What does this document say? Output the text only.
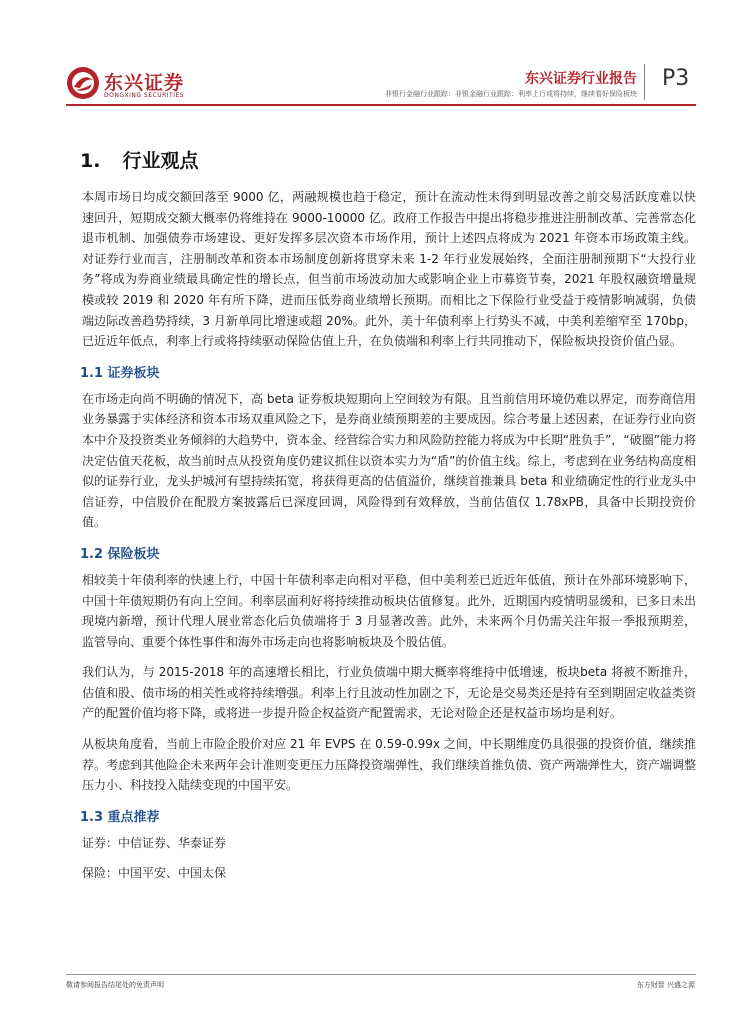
东兴证券
DONGXING SECURITIES
东兴证券行业报告
非银行金融行业跟踪：非银金融行业跟踪：利率上行或将持续，继续看好保险板块
P3
1. 行业观点

本周市场日均成交额回落至 9000 亿，两融规模也趋于稳定，预计在流动性未得到明显改善之前交易活跃度难以快速回升，短期成交额大概率仍将维持在 9000-10000 亿。政府工作报告中提出将稳步推进注册制改革、完善常态化退市机制、加强债券市场建设、更好发挥多层次资本市场作用，预计上述四点将成为 2021 年资本市场政策主线。对证券行业而言，注册制改革和资本市场制度创新将贯穿未来 1-2 年行业发展始终，全面注册制预期下“大投行业务”将成为券商业绩最具确定性的增长点，但当前市场波动加大或影响企业上市募资节奏，2021 年股权融资增量规模或较 2019 和 2020 年有所下降，进而压低券商业绩增长预期。而相比之下保险行业受益于疫情影响减弱，负债端边际改善趋势持续，3 月新单同比增速或超 20%。此外，美十年债利率上行势头不减，中美利差缩窄至 170bp，已近近年低点，利率上行或将持续驱动保险估值上升，在负债端和利率上行共同推动下，保险板块投资价值凸显。

1.1 证券板块

在市场走向尚不明确的情况下，高 beta 证券板块短期向上空间较为有限。且当前信用环境仍难以界定，而券商信用业务暴露于实体经济和资本市场双重风险之下，是券商业绩预期差的主要成因。综合考量上述因素，在证券行业向资本中介及投资类业务倾斜的大趋势中，资本金、经营综合实力和风险防控能力将成为中长期“胜负手”，“破圈”能力将决定估值天花板，故当前时点从投资角度仍建议抓住以资本实力为“盾”的价值主线。综上，考虑到在业务结构高度相似的证券行业，龙头护城河有望持续拓宽，将获得更高的估值溢价，继续首推兼具 beta 和业绩确定性的行业龙头中信证券，中信股价在配股方案披露后已深度回调，风险得到有效释放，当前估值仅 1.78xPB，具备中长期投资价值。

1.2 保险板块

相较美十年债利率的快速上行，中国十年债利率走向相对平稳，但中美利差已近近年低值，预计在外部环境影响下，中国十年债短期仍有向上空间。利率层面利好将持续推动板块估值修复。此外，近期国内疫情明显缓和，已多日未出现境内新增，预计代理人展业常态化后负债端将于 3 月显著改善。此外，未来两个月仍需关注年报一季报预期差，监管导向、重要个体性事件和海外市场走向也将影响板块及个股估值。

我们认为，与 2015-2018 年的高速增长相比，行业负债端中期大概率将维持中低增速，板块beta 将被不断推升，估值和股、债市场的相关性或将持续增强。利率上行且波动性加剧之下，无论是交易类还是持有至到期固定收益类资产的配置价值均将下降，或将进一步提升险企权益资产配置需求，无论对险企还是权益市场均是利好。

从板块角度看，当前上市险企股价对应 21 年 EVPS 在 0.59-0.99x 之间，中长期维度仍具很强的投资价值，继续推荐。考虑到其他险企未来两年会计准则变更压力压降投资端弹性，我们继续首推负债、资产两端弹性大，资产端调整压力小、科技投入陆续变现的中国平安。

1.3 重点推荐

证券：中信证券、华泰证券

保险：中国平安、中国太保

敬请参阅报告结尾处的免责声明	东方财智 兴盛之源
